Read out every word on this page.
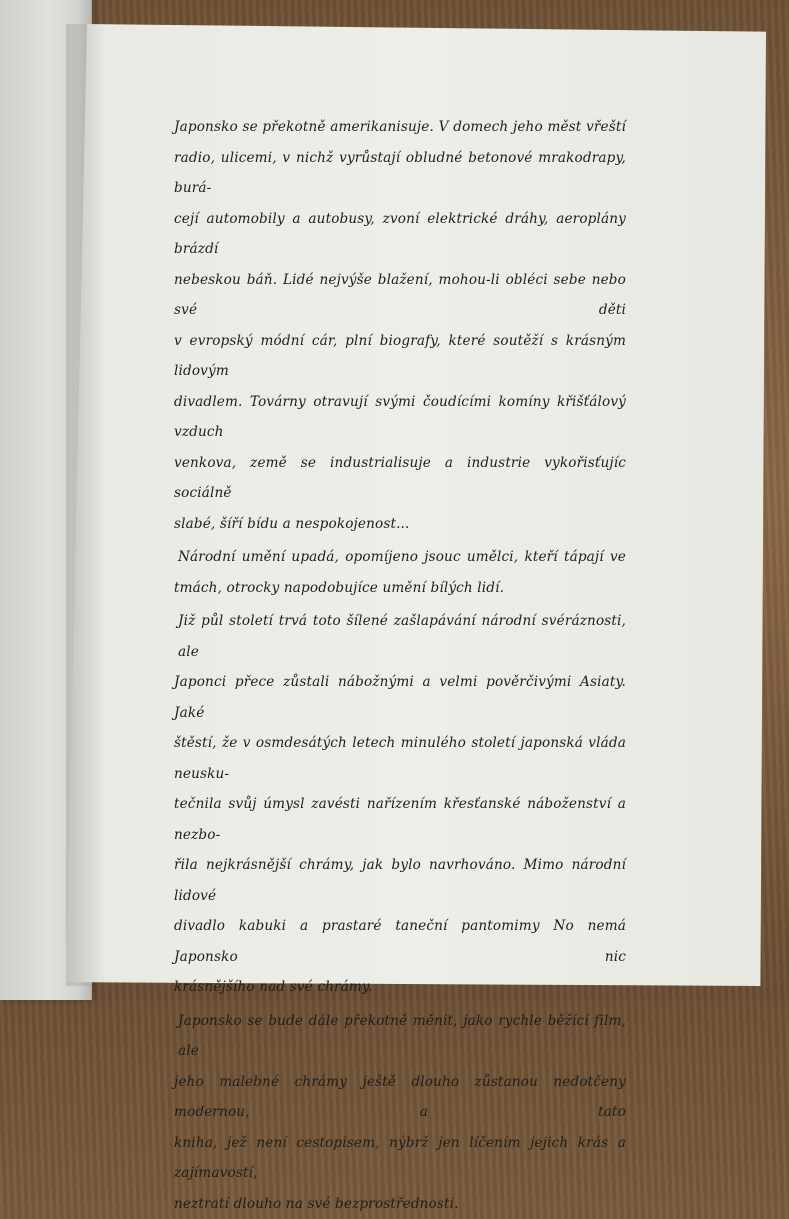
Japonsko se překotně amerikanisuje. V domech jeho měst vřeští
radio, ulicemi, v nichž vyrůstají obludné betonové mrakodrapy, burá-
cejí automobily a autobusy, zvoní elektrické dráhy, aeroplány brázdí
nebeskou báň. Lidé nejvýše blažení, mohou-li obléci sebe nebo své děti
v evropský módní cár, plní biografy, které soutěží s krásným lidovým
divadlem. Továrny otravují svými čoudícími komíny křišťálový vzduch
venkova, země se industrialisuje a industrie vykořisťujíc sociálně
slabé, šíří bídu a nespokojenost...

Národní umění upadá, opomíjeno jsouc umělci, kteří tápají ve
tmách, otrocky napodobujíce umění bílých lidí.

Již půl století trvá toto šílené zašlapávání národní svéráznosti, ale
Japonci přece zůstali nábožnými a velmi pověrčivými Asiaty. Jaké
štěstí, že v osmdesátých letech minulého století japonská vláda neusku-
tečnila svůj úmysl zavésti nařízením křesťanské náboženství a nezbo-
řila nejkrásnější chrámy, jak bylo navrhováno. Mimo národní lidové
divadlo kabuki a prastaré taneční pantomimy No nemá Japonsko nic
krásnějšího nad své chrámy.

Japonsko se bude dále překotně měnit, jako rychle běžící film, ale
jeho malebné chrámy ještě dlouho zůstanou nedotčeny modernou, a tato
kniha, jež není cestopisem, nýbrž jen líčením jejich krás a zajímavostí,
neztratí dlouho na své bezprostřednosti.
